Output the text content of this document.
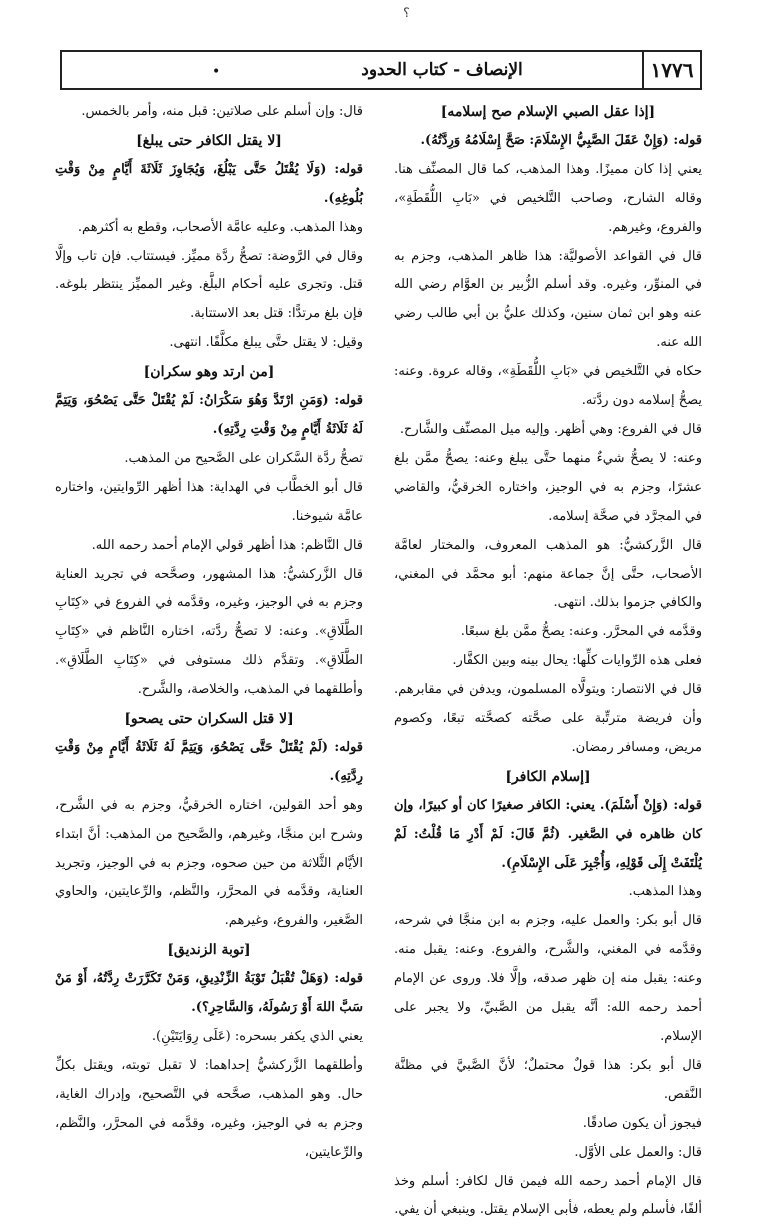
؟
١٧٧٦
الإنصاف - كتاب الحدود
•

[إذا عقل الصبي الإسلام صح إسلامه]

قوله: (وَإِنْ عَقَلَ الصَّبِيُّ الإِسْلَامَ: صَحَّ إِسْلَامُهُ وَرِدَّتُهُ).

يعني إذا كان مميزًا. وهذا المذهب، كما قال المصنِّف هنا. وقاله الشارح، وصاحب التَّلخيص في «بَابِ اللُّقَطَةِ»، والفروع، وغيرهم.

قال في القواعد الأصوليَّة: هذا ظاهر المذهب، وجزم به في المنوِّر، وغيره. وقد أسلم الزُّبير بن العوَّام رضي الله عنه وهو ابن ثمان سنين، وكذلك عليُّ بن أبي طالب رضي الله عنه.

حكاه في التَّلخيص في «بَابِ اللُّقَطَةِ»، وقاله عروة. وعنه: يصحُّ إسلامه دون ردَّته.

قال في الفروع: وهي أظهر. وإليه ميل المصنِّف والشَّارح.

وعنه: لا يصحُّ شيءٌ منهما حتَّى يبلغ وعنه: يصحُّ ممَّن بلغ عشرًا، وجزم به في الوجيز، واختاره الخرقيُّ، والقاضي في المجرَّد في صحَّة إسلامه.

قال الزَّركشيُّ: هو المذهب المعروف، والمختار لعامَّة الأصحاب، حتَّى إنَّ جماعة منهم: أبو محمَّد في المغني، والكافي جزموا بذلك. انتهى.

وقدَّمه في المحرَّر. وعنه: يصحُّ ممَّن بلغ سبعًا.

فعلى هذه الرِّوايات كلِّها: يحال بينه وبين الكفَّار.

قال في الانتصار: ويتولَّاه المسلمون، ويدفن في مقابرهم. وأن فريضة مترتِّبة على صحَّته كصحَّته تبعًا، وكصوم مريض، ومسافر رمضان.

[إسلام الكافر]

قوله: (وَإِنْ أَسْلَمَ). يعني: الكافر صغيرًا كان أو كبيرًا، وإن كان ظاهره في الصَّغير. (ثُمَّ قَالَ: لَمْ أَدْرِ مَا قُلْتُ: لَمْ يُلْتَفَتْ إِلَى قَوْلِهِ، وَأُجْبِرَ عَلَى الإِسْلَامِ).

وهذا المذهب.

قال أبو بكر: والعمل عليه، وجزم به ابن منجَّا في شرحه، وقدَّمه في المغني، والشَّرح، والفروع. وعنه: يقبل منه. وعنه: يقبل منه إن ظهر صدقه، وإلَّا فلا. وروى عن الإمام أحمد رحمه الله: أنَّه يقبل من الصَّبيِّ، ولا يجبر على الإسلام.

قال أبو بكر: هذا قولٌ محتملٌ؛ لأنَّ الصَّبيَّ في مظنَّة النَّقص.

فيجوز أن يكون صادقًا.

قال: والعمل على الأوَّل.

قال الإمام أحمد رحمه الله فيمن قال لكافر: أسلم وخذ ألفًا، فأسلم ولم يعطه، فأبى الإسلام يقتل. وينبغي أن يفي.

قال: وإن أسلم على صلاتين: قبل منه، وأمر بالخمس.

[لا يقتل الكافر حتى يبلغ]

قوله: (وَلَا يُقْتَلُ حَتَّى يَبْلُغَ، وَيُجَاوِزَ ثَلَاثَةَ أَيَّامٍ مِنْ وَقْتِ بُلُوغِهِ).

وهذا المذهب. وعليه عامَّة الأصحاب، وقطع به أكثرهم.

وقال في الرَّوضة: تصحُّ ردَّة مميِّز. فيستتاب. فإن تاب وإلَّا قتل. وتجرى عليه أحكام البلَّغ. وغير المميِّز ينتظر بلوغه. فإن بلغ مرتدًّا: قتل بعد الاستتابة.

وقيل: لا يقتل حتَّى يبلغ مكلَّفًا. انتهى.

[من ارتد وهو سكران]

قوله: (وَمَنِ ارْتَدَّ وَهُوَ سَكْرَانُ: لَمْ يُقْتَلْ حَتَّى يَصْحُوَ، وَيَتِمَّ لَهُ ثَلَاثَةُ أَيَّامٍ مِنْ وَقْتِ رِدَّتِهِ).

تصحُّ ردَّة السَّكران على الصَّحيح من المذهب.

قال أبو الخطَّاب في الهداية: هذا أظهر الرِّوايتين، واختاره عامَّة شيوخنا.

قال النَّاظم: هذا أظهر قولي الإمام أحمد رحمه الله.

قال الزَّركشيُّ: هذا المشهور، وصحَّحه في تجريد العناية وجزم به في الوجيز، وغيره، وقدَّمه في الفروع في «كِتَابِ الطَّلَاقِ». وعنه: لا تصحُّ ردَّته، اختاره النَّاظم في «كِتَابِ الطَّلَاقِ». وتقدَّم ذلك مستوفى في «كِتَابِ الطَّلَاقِ». وأطلقهما في المذهب، والخلاصة، والشَّرح.

[لا قتل السكران حتى يصحو]

قوله: (لَمْ يُقْتَلْ حَتَّى يَصْحُوَ، وَيَتِمَّ لَهُ ثَلَاثَةُ أَيَّامٍ مِنْ وَقْتِ رِدَّتِهِ).

وهو أحد القولين، اختاره الخرقيُّ، وجزم به في الشَّرح، وشرح ابن منجَّا، وغيرهم، والصَّحيح من المذهب: أنَّ ابتداء الأيَّام الثَّلاثة من حين صحوه، وجزم به في الوجيز، وتجريد العناية، وقدَّمه في المحرَّر، والنَّظم، والرِّعايتين، والحاوي الصَّغير، والفروع، وغيرهم.

[توبة الزنديق]

قوله: (وَهَلْ تُقْبَلُ تَوْبَةُ الزِّنْدِيقِ، وَمَنْ تَكَرَّرَتْ رِدَّتُهُ، أَوْ مَنْ سَبَّ اللهَ أَوْ رَسُولَهُ، وَالسَّاحِرِ؟).

يعني الذي يكفر بسحره: (عَلَى رِوَايَتَيْنِ).

وأطلقهما الزَّركشيُّ إحداهما: لا تقبل توبته، ويقتل بكلِّ حال. وهو المذهب، صحَّحه في التَّصحيح، وإدراك الغاية، وجزم به في الوجيز، وغيره، وقدَّمه في المحرَّر، والنَّظم، والرِّعايتين،
